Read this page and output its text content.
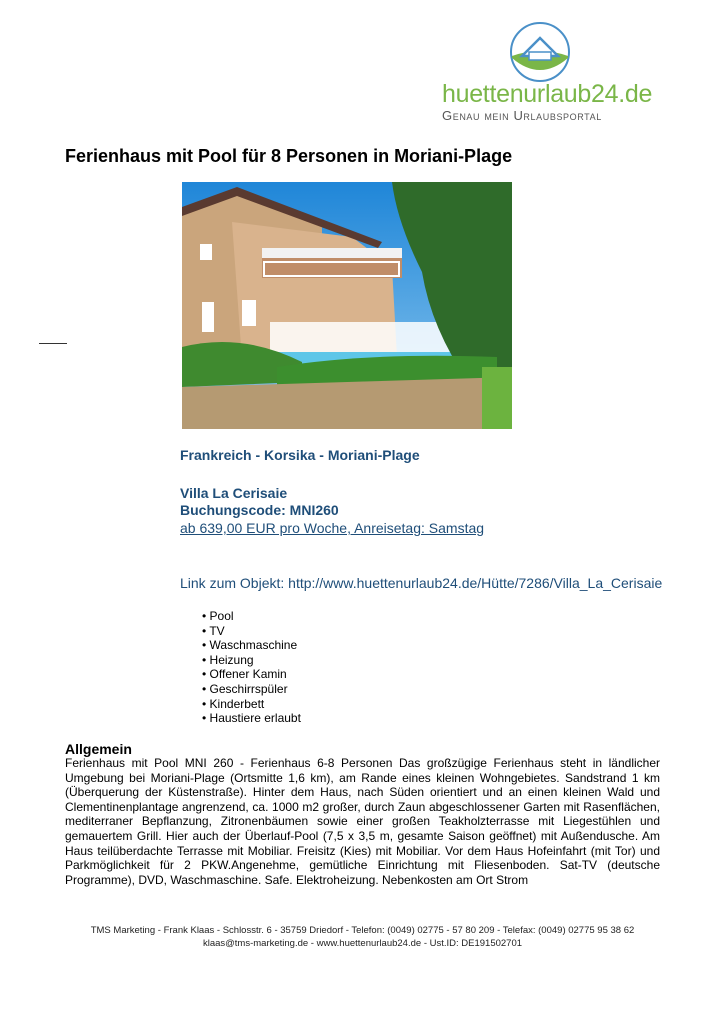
huettenurlaub24.de
Genau mein Urlaubsportal
Ferienhaus mit Pool für 8 Personen in Moriani-Plage
Frankreich - Korsika - Moriani-Plage
Villa La Cerisaie
Buchungscode: MNI260
ab 639,00 EUR pro Woche, Anreisetag: Samstag
Link zum Objekt: http://www.huettenurlaub24.de/Hütte/7286/Villa_La_Cerisaie
• Pool
• TV
• Waschmaschine
• Heizung
• Offener Kamin
• Geschirrspüler
• Kinderbett
• Haustiere erlaubt
Allgemein
Ferienhaus mit Pool MNI 260 - Ferienhaus 6-8 Personen Das großzügige Ferienhaus steht in ländlicher Umgebung bei Moriani-Plage (Ortsmitte 1,6 km), am Rande eines kleinen Wohngebietes. Sandstrand 1 km (Überquerung der Küstenstraße). Hinter dem Haus, nach Süden orientiert und an einen kleinen Wald und Clementinenplantage angrenzend, ca. 1000 m2 großer, durch Zaun abgeschlossener Garten mit Rasenflächen, mediterraner Bepflanzung, Zitronenbäumen sowie einer großen Teakholzterrasse mit Liegestühlen und gemauertem Grill. Hier auch der Überlauf-Pool (7,5 x 3,5 m, gesamte Saison geöffnet) mit Außendusche. Am Haus teilüberdachte Terrasse mit Mobiliar. Freisitz (Kies) mit Mobiliar. Vor dem Haus Hofeinfahrt (mit Tor) und Parkmöglichkeit für 2 PKW.Angenehme, gemütliche Einrichtung mit Fliesenboden. Sat-TV (deutsche Programme), DVD, Waschmaschine. Safe. Elektroheizung. Nebenkosten am Ort Strom
TMS Marketing - Frank Klaas - Schlosstr. 6 - 35759 Driedorf - Telefon: (0049) 02775 - 57 80 209 - Telefax: (0049) 02775 95 38 62
klaas@tms-marketing.de - www.huettenurlaub24.de - Ust.ID: DE191502701
